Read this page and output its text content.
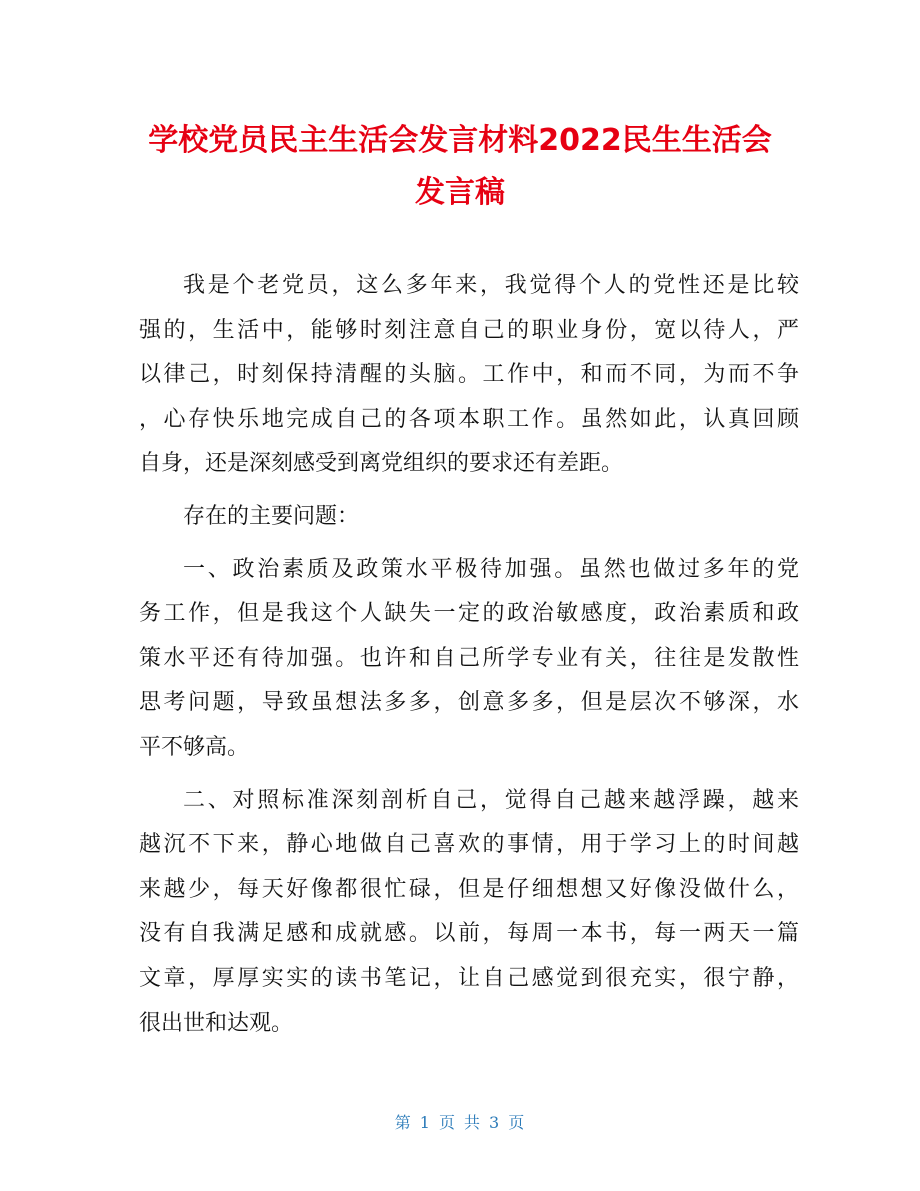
学校党员民主生活会发言材料2022民生生活会
发言稿
我是个老党员，这么多年来，我觉得个人的党性还是比较
强的，生活中，能够时刻注意自己的职业身份，宽以待人，严
以律己，时刻保持清醒的头脑。工作中，和而不同，为而不争
，心存快乐地完成自己的各项本职工作。虽然如此，认真回顾
自身，还是深刻感受到离党组织的要求还有差距。
存在的主要问题：
一、政治素质及政策水平极待加强。虽然也做过多年的党
务工作，但是我这个人缺失一定的政治敏感度，政治素质和政
策水平还有待加强。也许和自己所学专业有关，往往是发散性
思考问题，导致虽想法多多，创意多多，但是层次不够深，水
平不够高。
二、对照标准深刻剖析自己，觉得自己越来越浮躁，越来
越沉不下来，静心地做自己喜欢的事情，用于学习上的时间越
来越少，每天好像都很忙碌，但是仔细想想又好像没做什么，
没有自我满足感和成就感。以前，每周一本书，每一两天一篇
文章，厚厚实实的读书笔记，让自己感觉到很充实，很宁静，
很出世和达观。
第 1 页 共 3 页
